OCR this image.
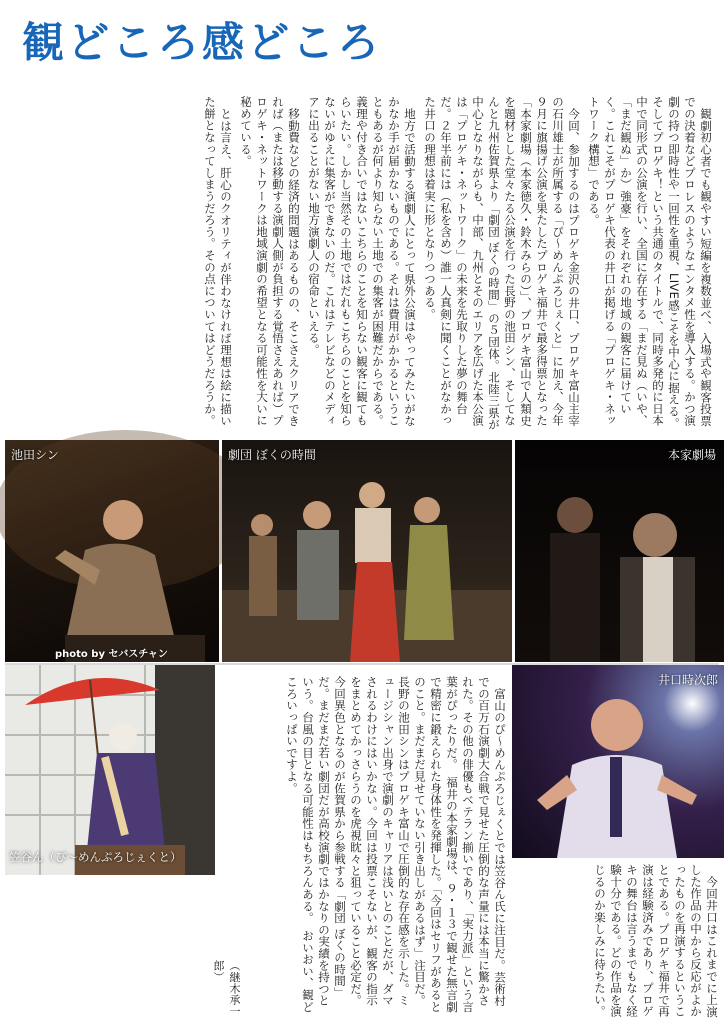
観どころ感どころ

観劇初心者でも観やすい短編を複数並べ、入場式や観客投票での決着などプロレスのようなエンタメ性を導入する。かつ演劇の持つ即時性や一回性を重視、LIVE感こそを中心に据える。そしてプロゲキ！という共通のタイトルで、同時多発的に日本中で同形式の公演を行い、全国に存在する「まだ見ぬ（いや、「まだ観ぬ」か）強豪」をそれぞれの地域の観客に届けていく。これこそがプロゲキ代表の井口が掲げる「プロゲキ・ネットワーク構想」である。

今回、参加するのはプロゲキ金沢の井口、プロゲキ富山主宰の石川雄士が所属する「ぴ～めんぷろじぇくと」に加え、今年９月に旗揚げ公演を果たしたプロゲキ福井で最多得票となった「本家劇場（本家徳久・鈴木みらの）」、プロゲキ富山で人類史を題材とした堂々たる公演を行った長野の池田シン、そしてなんと九州佐賀県より「劇団 ぼくの時間」の５団体。北陸三県が中心となりながらも、中部、九州とそのエリアを広げた本公演は「プロゲキ・ネットワーク」の未来を先取りした夢の舞台だ。２年半前には（私を含め）誰一人真剣に聞くことがなかった井口の理想は着実に形となりつつある。

地方で活動する演劇人にとって県外公演はやってみたいがなかなか手が届かないものである。それは費用がかかるということもあるが何より知らない土地での集客が困難だからである。義理や付き合いではないこちらのことを知らない観客に観てもらいたい。しかし当然その土地ではだれもこちらのことを知らないがゆえに集客ができないのだ。これはテレビなどのメディアに出ることがない地方演劇人の宿命といえる。

移動費などの経済的問題はあるものの、そこさえクリアできれば（または移動する演劇人側が負担する覚悟さえあれば）プロゲキ・ネットワークは地域演劇の希望となる可能性を大いに秘めている。

とは言え、肝心のクオリティが伴わなければ理想は絵に描いた餅となってしまうだろう。その点についてはどうだろうか。

池田シン
photo by セバスチャン
劇団 ぼくの時間	本家劇場
笠谷ん（ぴ～めんぷろじぇくと）	富山のぴ～めんぷろじぇくとでは笠谷ん氏に注目だ。芸術村での百万石演劇大合戦で見せた圧倒的な声量には本当に驚かされた。その他の俳優もベテラン揃いであり、「実力派」という言葉がぴったりだ。　福井の本家劇場は、９・１３で観せた無言劇で精密に鍛えられた身体性を発揮した。「今回はセリフがあるとのこと。まだまだ見せていない引き出しがあるはず」注目だ。　長野の池田シンはプロゲキ富山で圧倒的な存在感を示した。ミュージシャン出身で演劇のキャリアは浅いとのことだが、ダマされるわけにはいかない。今回は投票こそないが、観客の指示をまとめてかっさらうのを虎視眈々と狙っていること必定だ。　今回異色となるのが佐賀県から参戦する「劇団 ぼくの時間」だ。まだまだ若い劇団だが高校演劇ではかなりの実績を持つという。台風の目となる可能性はもちろんある。　おいおい、観どころいっぱいですよ。	井口時次郎

今回井口はこれまでに上演した作品の中から反応がよかったものを再演するということである。プロゲキ福井で再演は経験済みであり、プロゲキの舞台は言うまでもなく経験十分である。どの作品を演じるのか楽しみに待ちたい。

（継木承一郎）
